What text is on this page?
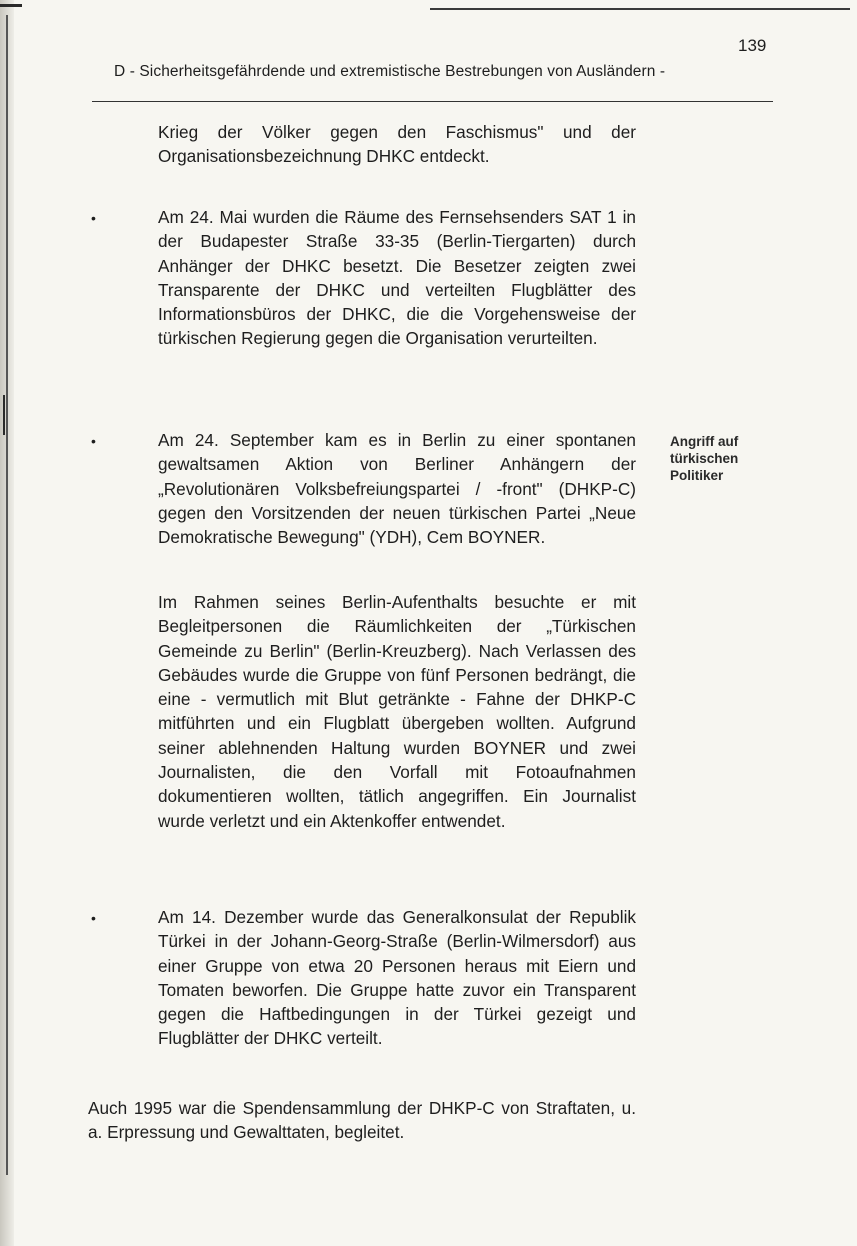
139
D - Sicherheitsgefährdende und extremistische Bestrebungen von Ausländern -

Krieg der Völker gegen den Faschismus" und der Organisationsbezeichnung DHKC entdeckt.

•	Am 24. Mai wurden die Räume des Fernsehsenders SAT 1 in der Budapester Straße 33-35 (Berlin-Tiergarten) durch Anhänger der DHKC besetzt. Die Besetzer zeigten zwei Transparente der DHKC und verteilten Flugblätter des Informationsbüros der DHKC, die die Vorgehensweise der türkischen Regierung gegen die Organisation verurteilten.

•	Am 24. September kam es in Berlin zu einer spontanen gewaltsamen Aktion von Berliner Anhängern der „Revolutionären Volksbefreiungspartei / -front" (DHKP-C) gegen den Vorsitzenden der neuen türkischen Partei „Neue Demokratische Bewegung" (YDH), Cem BOYNER.

Im Rahmen seines Berlin-Aufenthalts besuchte er mit Begleitpersonen die Räumlichkeiten der „Türkischen Gemeinde zu Berlin" (Berlin-Kreuzberg). Nach Verlassen des Gebäudes wurde die Gruppe von fünf Personen bedrängt, die eine - vermutlich mit Blut getränkte - Fahne der DHKP-C mitführten und ein Flugblatt übergeben wollten. Aufgrund seiner ablehnenden Haltung wurden BOYNER und zwei Journalisten, die den Vorfall mit Fotoaufnahmen dokumentieren wollten, tätlich angegriffen. Ein Journalist wurde verletzt und ein Aktenkoffer entwendet.

Angriff auf türkischen Politiker
•	Am 14. Dezember wurde das Generalkonsulat der Republik Türkei in der Johann-Georg-Straße (Berlin-Wilmersdorf) aus einer Gruppe von etwa 20 Personen heraus mit Eiern und Tomaten beworfen. Die Gruppe hatte zuvor ein Transparent gegen die Haftbedingungen in der Türkei gezeigt und Flugblätter der DHKC verteilt.

Auch 1995 war die Spendensammlung der DHKP-C von Straftaten, u. a. Erpressung und Gewalttaten, begleitet.
